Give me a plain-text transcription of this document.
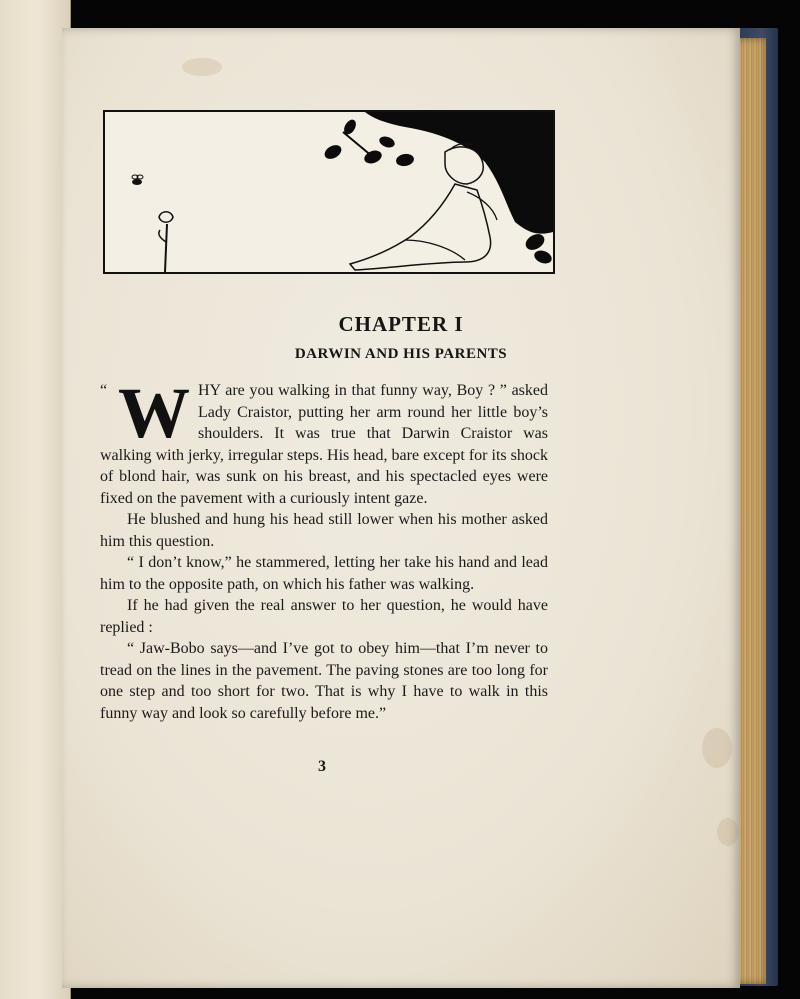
CHAPTER I
DARWIN AND HIS PARENTS
“ WHY are you walking in that funny way, Boy ? ” asked Lady Craistor, putting her arm round her little boy’s shoulders. It was true that Darwin Craistor was walking with jerky, irregular steps. His head, bare except for its shock of blond hair, was sunk on his breast, and his spectacled eyes were fixed on the pavement with a curiously intent gaze.

He blushed and hung his head still lower when his mother asked him this question.

“ I don’t know,” he stammered, letting her take his hand and lead him to the opposite path, on which his father was walking.

If he had given the real answer to her question, he would have replied :

“ Jaw-Bobo says—and I’ve got to obey him—that I’m never to tread on the lines in the pavement. The paving stones are too long for one step and too short for two. That is why I have to walk in this funny way and look so carefully before me.”

3
